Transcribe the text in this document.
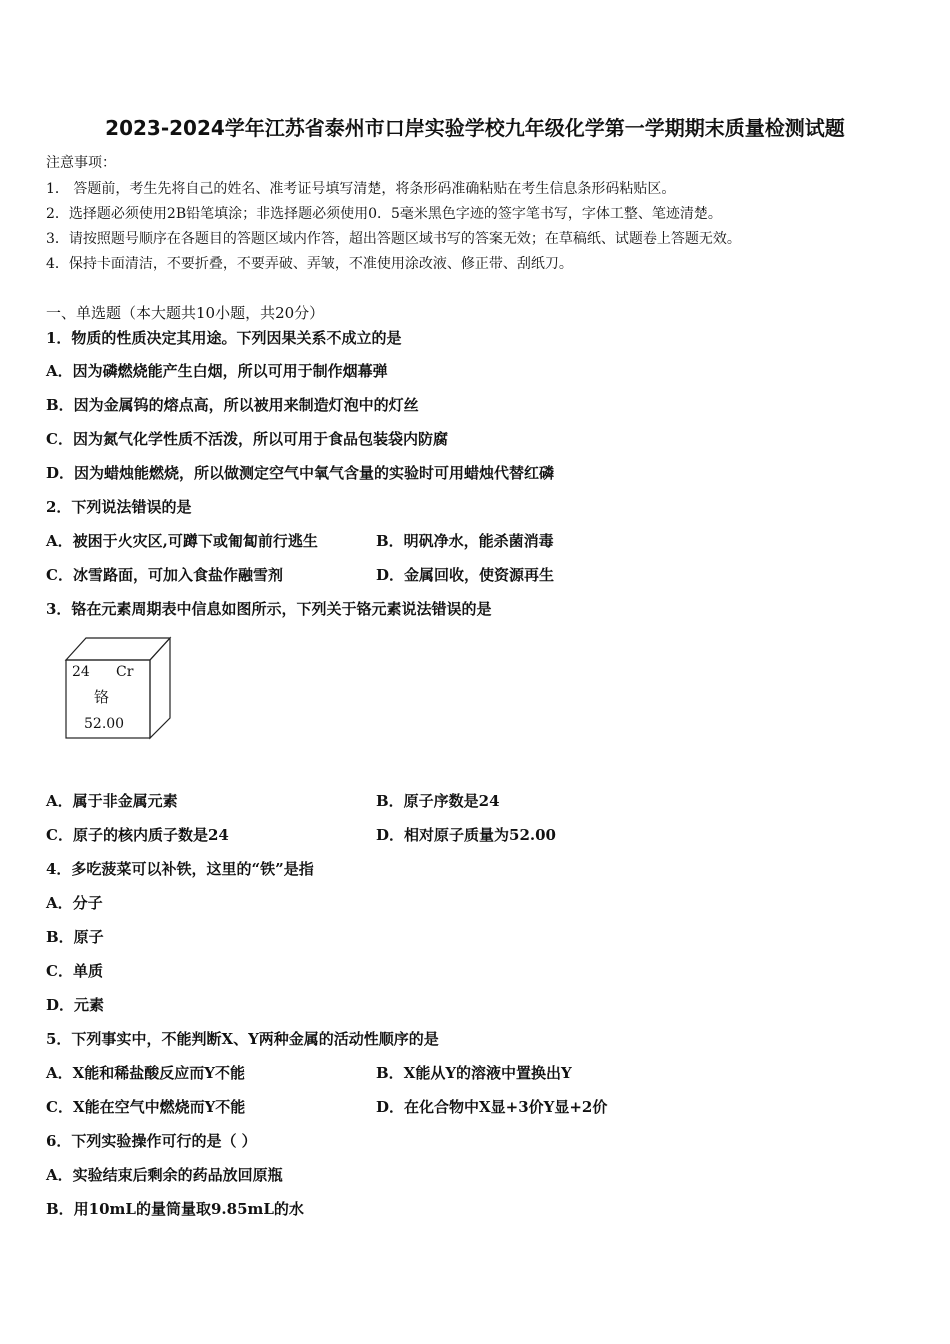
2023-2024学年江苏省泰州市口岸实验学校九年级化学第一学期期末质量检测试题
注意事项：
1． 答题前，考生先将自己的姓名、准考证号填写清楚，将条形码准确粘贴在考生信息条形码粘贴区。
2．选择题必须使用2B铅笔填涂；非选择题必须使用0．5毫米黑色字迹的签字笔书写，字体工整、笔迹清楚。
3．请按照题号顺序在各题目的答题区域内作答，超出答题区域书写的答案无效；在草稿纸、试题卷上答题无效。
4．保持卡面清洁，不要折叠，不要弄破、弄皱，不准使用涂改液、修正带、刮纸刀。
一、单选题（本大题共10小题，共20分）
1．物质的性质决定其用途。下列因果关系不成立的是
A．因为磷燃烧能产生白烟，所以可用于制作烟幕弹
B．因为金属钨的熔点高，所以被用来制造灯泡中的灯丝
C．因为氮气化学性质不活泼，所以可用于食品包装袋内防腐
D．因为蜡烛能燃烧，所以做测定空气中氧气含量的实验时可用蜡烛代替红磷
2．下列说法错误的是
A．被困于火灾区,可蹲下或匍匐前行逃生	B．明矾净水，能杀菌消毒
C．冰雪路面，可加入食盐作融雪剂	D．金属回收，使资源再生
3．铬在元素周期表中信息如图所示，下列关于铬元素说法错误的是
24 Cr
铬
52.00
A．属于非金属元素	B．原子序数是24
C．原子的核内质子数是24	D．相对原子质量为52.00
4．多吃菠菜可以补铁，这里的“铁”是指
A．分子
B．原子
C．单质
D．元素
5．下列事实中，不能判断X、Y两种金属的活动性顺序的是
A．X能和稀盐酸反应而Y不能	B．X能从Y的溶液中置换出Y
C．X能在空气中燃烧而Y不能	D．在化合物中X显+3价Y显+2价
6．下列实验操作可行的是（ ）
A．实验结束后剩余的药品放回原瓶
B．用10mL的量筒量取9.85mL的水
